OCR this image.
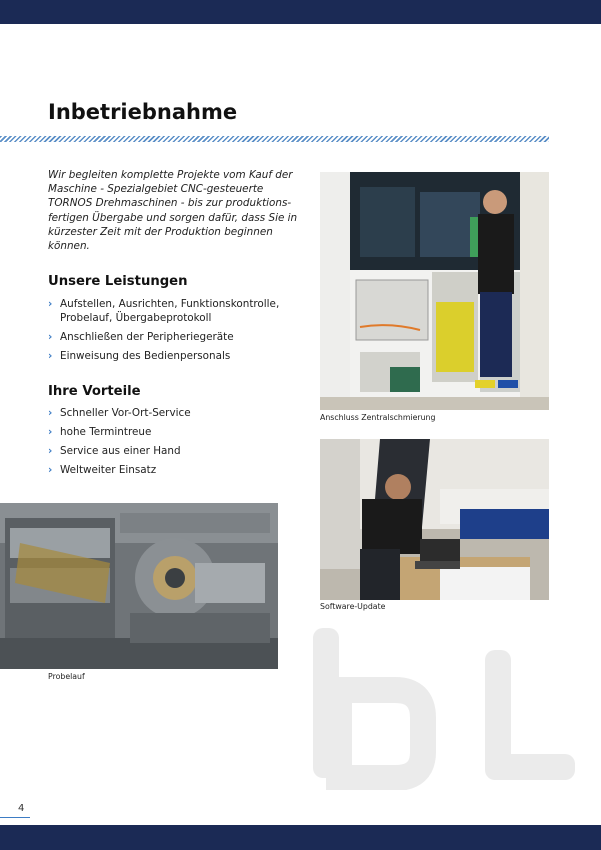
Inbetriebnahme

Wir begleiten komplette Projekte vom Kauf der Maschine - Spezialgebiet CNC-gesteuerte TORNOS Drehmaschinen - bis zur produktions-fertigen Übergabe und sorgen dafür, dass Sie in kürzester Zeit mit der Produktion beginnen können.

Unsere Leistungen
› Aufstellen, Ausrichten, Funktionskontrolle, Probelauf, Übergabeprotokoll
› Anschließen der Peripheriegeräte
› Einweisung des Bedienpersonals
Ihre Vorteile
› Schneller Vor-Ort-Service
› hohe Termintreue
› Service aus einer Hand
› Weltweiter Einsatz

Anschluss Zentralschmierung

Software-Update

Probelauf

4
